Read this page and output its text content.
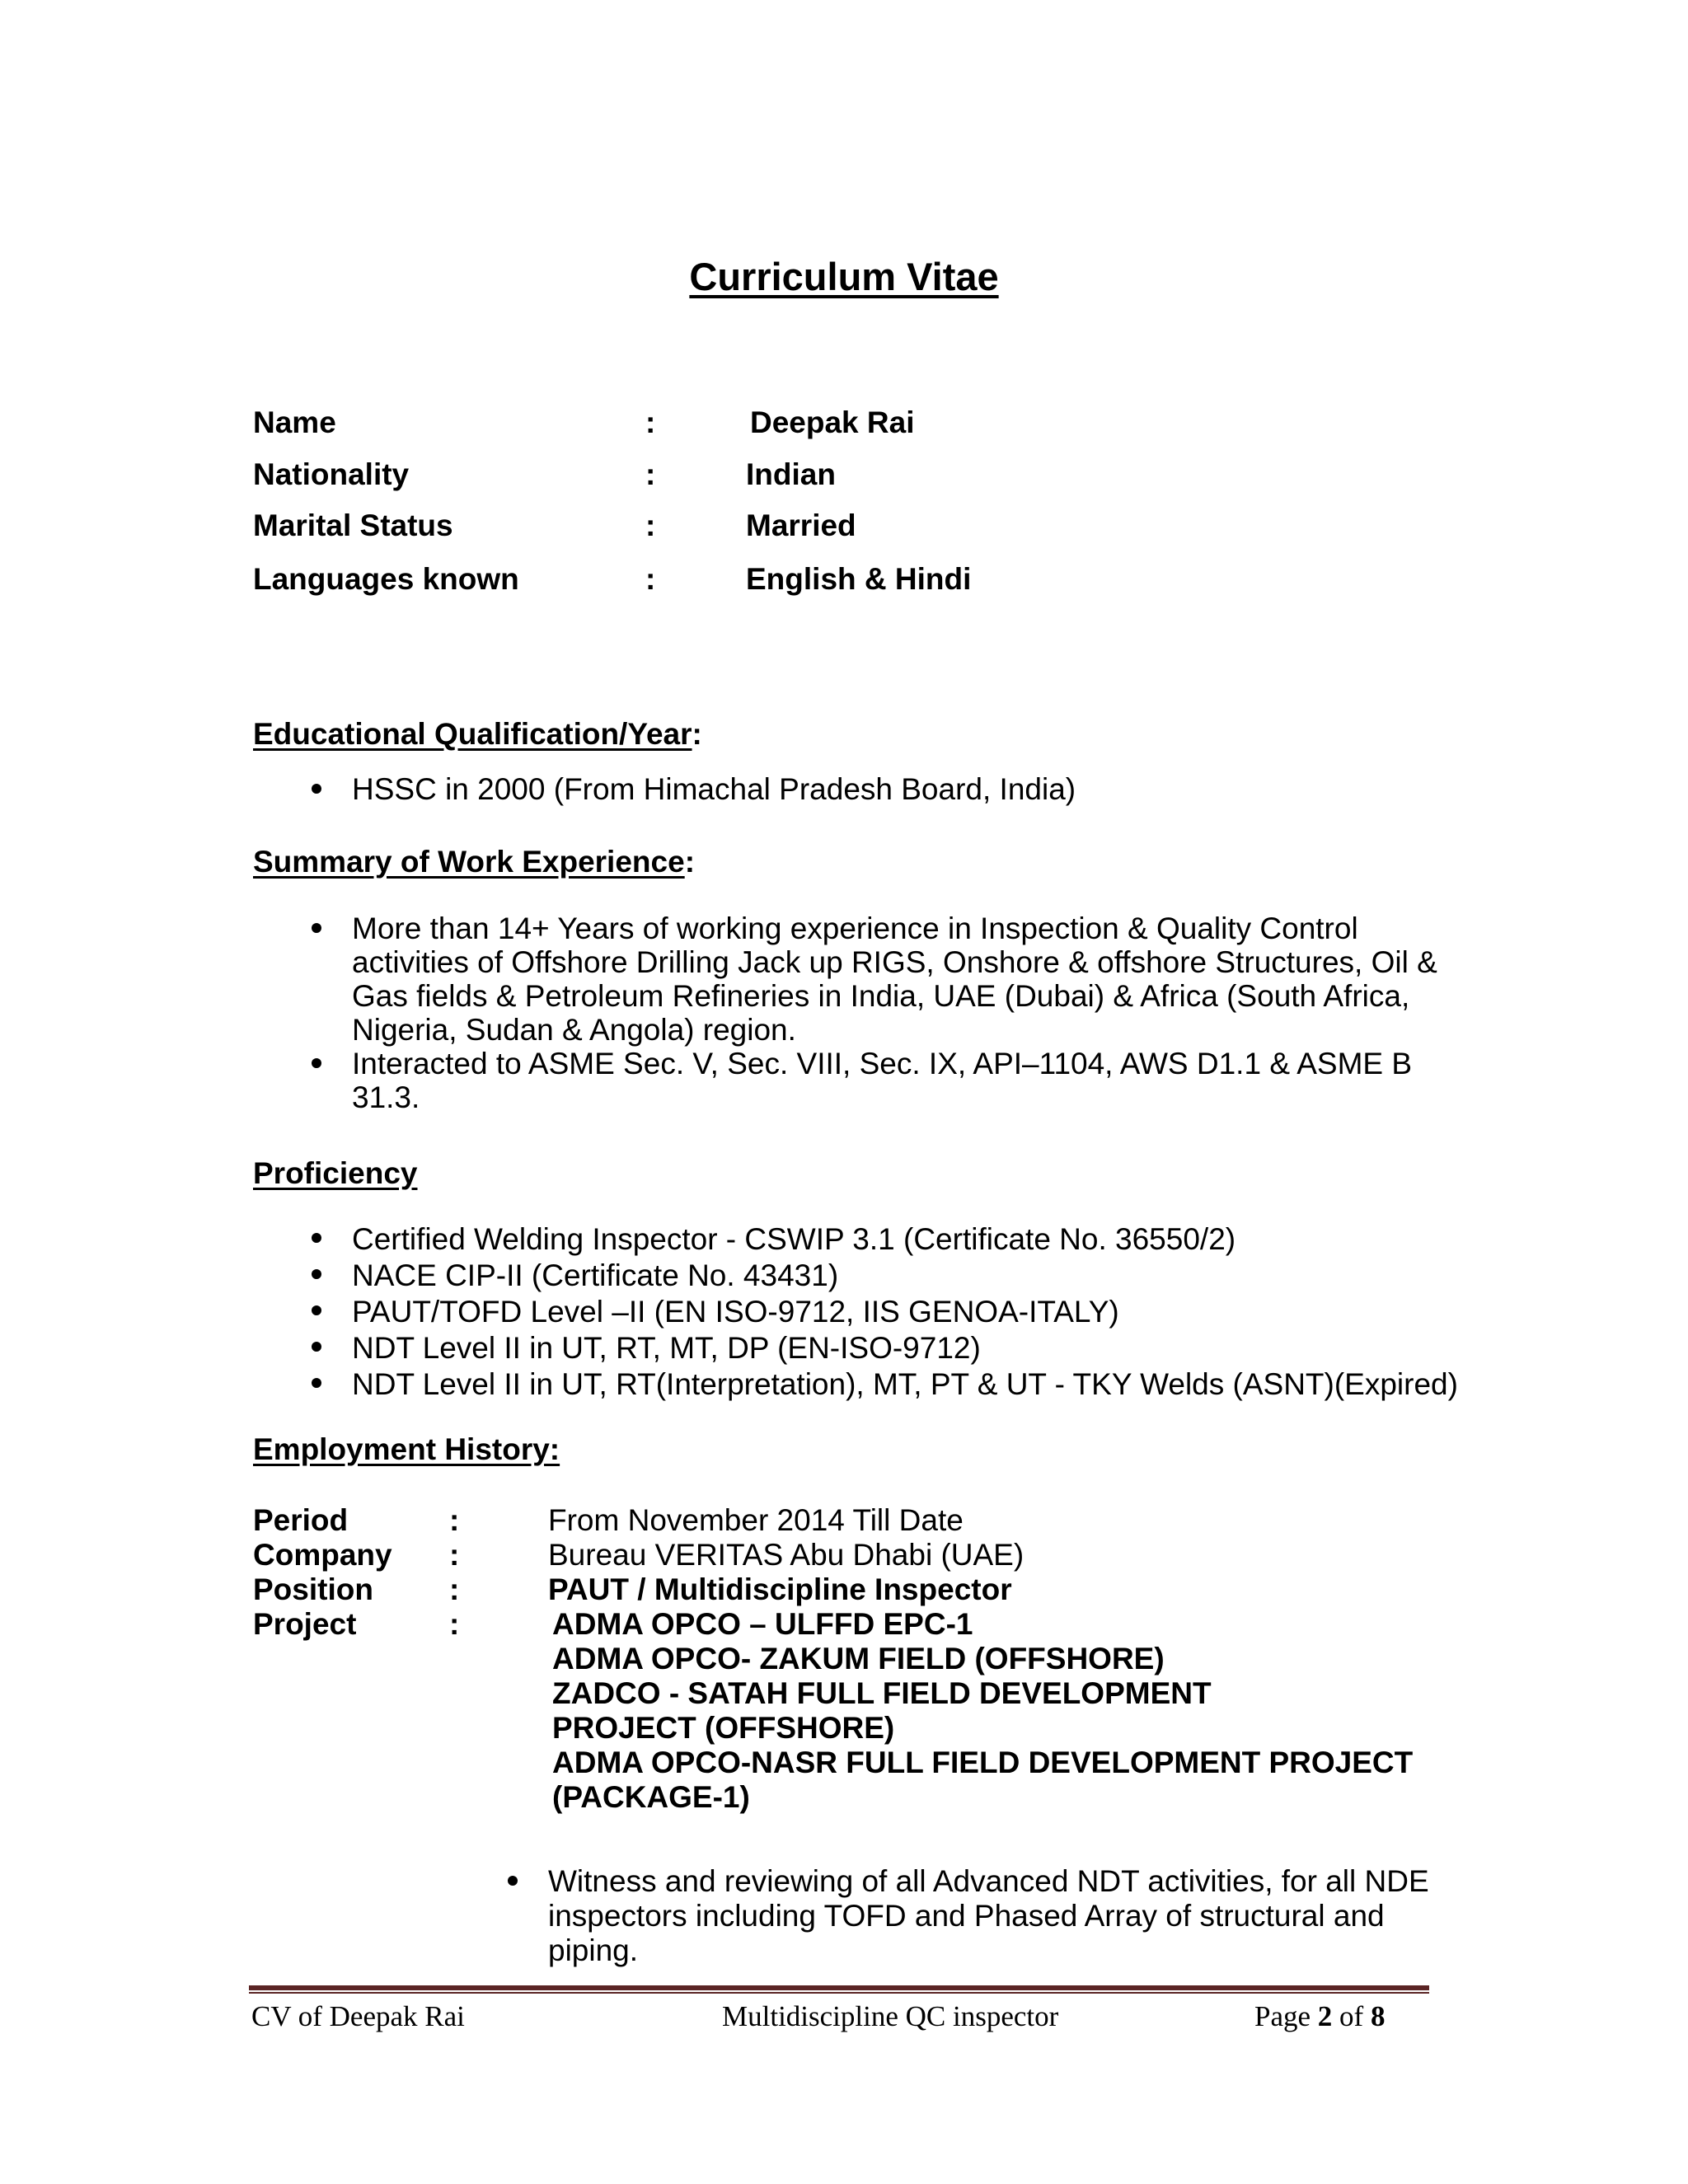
Curriculum Vitae
Name	:	Deepak Rai
Nationality	:	Indian
Marital Status	:	Married
Languages known	:	English & Hindi
Educational Qualification/Year:
HSSC in 2000 (From Himachal Pradesh Board, India)
Summary of Work Experience:
More than 14+ Years of working experience in Inspection & Quality Control activities of Offshore Drilling Jack up RIGS, Onshore & offshore Structures, Oil & Gas fields & Petroleum Refineries in India, UAE (Dubai) & Africa (South Africa, Nigeria, Sudan & Angola) region.
Interacted to ASME Sec. V, Sec. VIII, Sec. IX, API–1104, AWS D1.1 & ASME B 31.3.
Proficiency
Certified Welding Inspector - CSWIP 3.1 (Certificate No. 36550/2)
NACE CIP-II (Certificate No. 43431)
PAUT/TOFD Level –II (EN ISO-9712, IIS GENOA-ITALY)
NDT Level II in UT, RT, MT, DP (EN-ISO-9712)
NDT Level II in UT, RT(Interpretation), MT, PT & UT - TKY Welds (ASNT)(Expired)
Employment History:
Period	:	From November 2014 Till Date
Company :	Bureau VERITAS Abu Dhabi (UAE)
Position :	PAUT / Multidiscipline Inspector
Project	:	ADMA OPCO – ULFFD EPC-1
ADMA OPCO- ZAKUM FIELD (OFFSHORE)
ZADCO - SATAH FULL FIELD DEVELOPMENT
PROJECT (OFFSHORE)
ADMA OPCO-NASR FULL FIELD DEVELOPMENT PROJECT
(PACKAGE-1)
Witness and reviewing of all Advanced NDT activities, for all NDE inspectors including TOFD and Phased Array of structural and piping.
CV of Deepak Rai	Multidiscipline QC inspector	Page 2 of 8
